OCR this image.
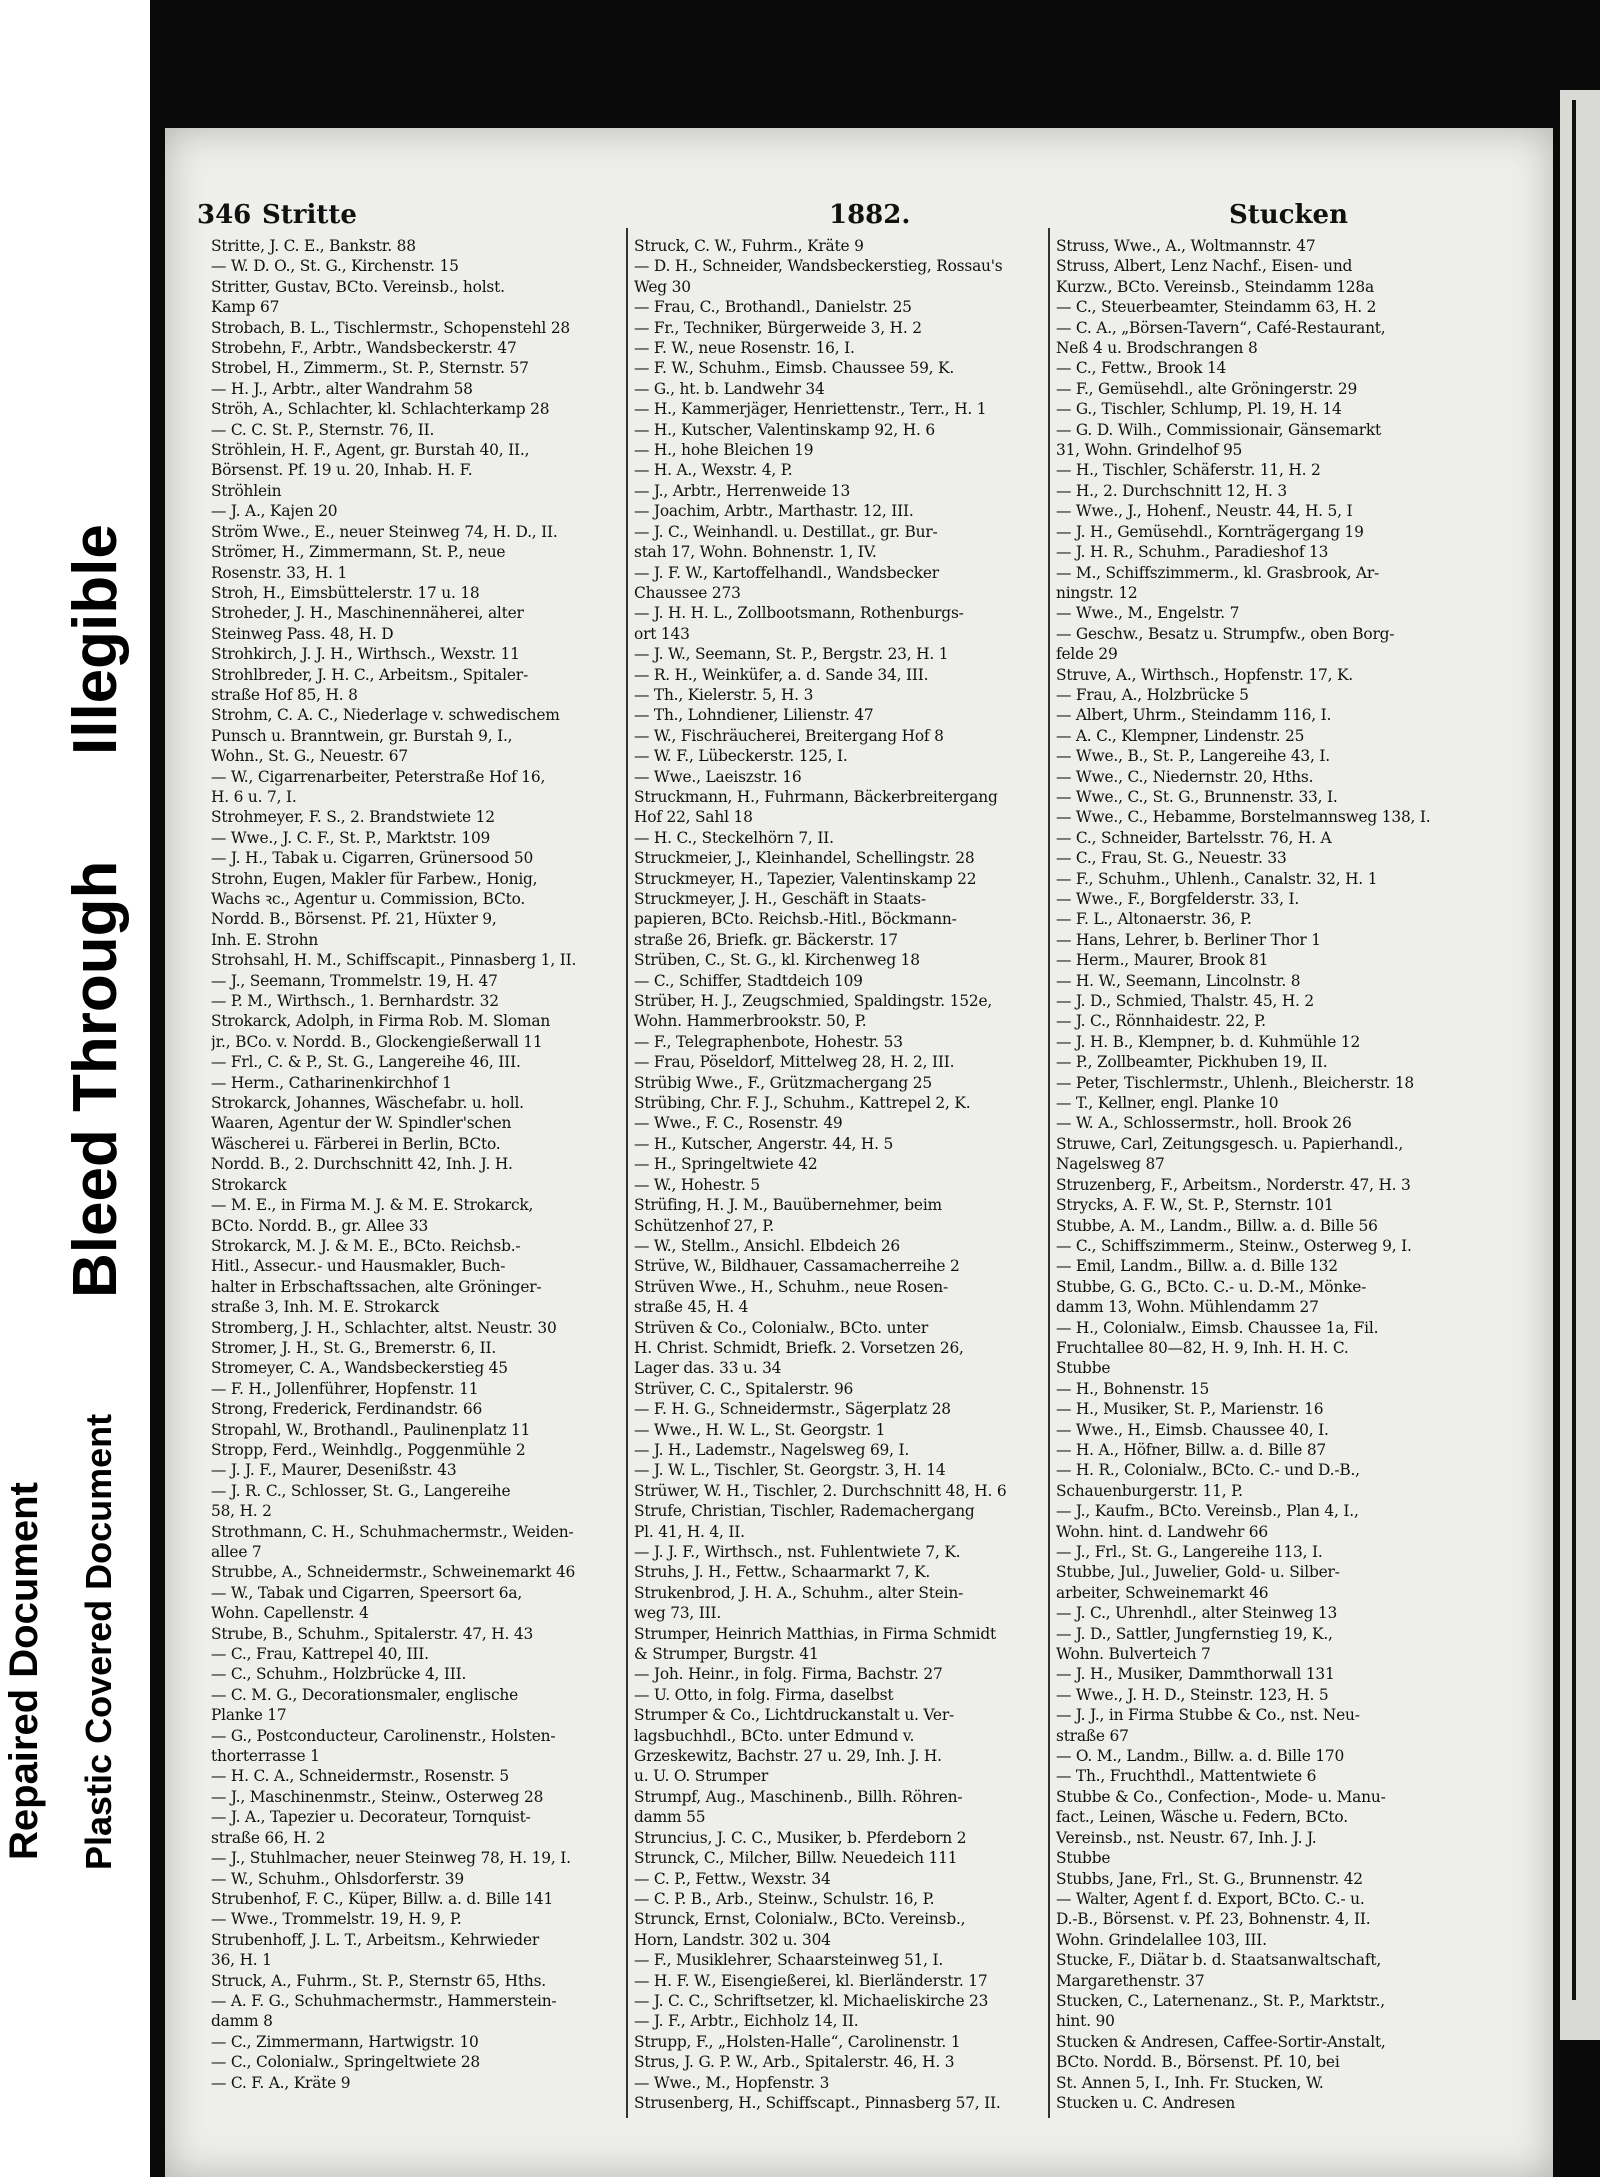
Repaired Document Plastic Covered Document
Bleed Through
Illegible
346 Stritte	1882.	Stucken
Stritte, J. C. E., Bankstr. 88
— W. D. O., St. G., Kirchenstr. 15
Stritter, Gustav, BCto. Vereinsb., holst.
Kamp 67
Strobach, B. L., Tischlermstr., Schopenstehl 28
Strobehn, F., Arbtr., Wandsbeckerstr. 47
Strobel, H., Zimmerm., St. P., Sternstr. 57
— H. J., Arbtr., alter Wandrahm 58
Ströh, A., Schlachter, kl. Schlachterkamp 28
— C. C. St. P., Sternstr. 76, II.
Ströhlein, H. F., Agent, gr. Burstah 40, II.,
Börsenst. Pf. 19 u. 20, Inhab. H. F.
Ströhlein
— J. A., Kajen 20
Ström Wwe., E., neuer Steinweg 74, H. D., II.
Strömer, H., Zimmermann, St. P., neue
Rosenstr. 33, H. 1
Stroh, H., Eimsbüttelerstr. 17 u. 18
Stroheder, J. H., Maschinennäherei, alter
Steinweg Pass. 48, H. D
Strohkirch, J. J. H., Wirthsch., Wexstr. 11
Strohlbreder, J. H. C., Arbeitsm., Spitaler-
straße Hof 85, H. 8
Strohm, C. A. C., Niederlage v. schwedischem
Punsch u. Branntwein, gr. Burstah 9, I.,
Wohn., St. G., Neuestr. 67
— W., Cigarrenarbeiter, Peterstraße Hof 16,
H. 6 u. 7, I.
Strohmeyer, F. S., 2. Brandstwiete 12
— Wwe., J. C. F., St. P., Marktstr. 109
— J. H., Tabak u. Cigarren, Grünersood 50
Strohn, Eugen, Makler für Farbew., Honig,
Wachs ꝛc., Agentur u. Commission, BCto.
Nordd. B., Börsenst. Pf. 21, Hüxter 9,
Inh. E. Strohn
Strohsahl, H. M., Schiffscapit., Pinnasberg 1, II.
— J., Seemann, Trommelstr. 19, H. 47
— P. M., Wirthsch., 1. Bernhardstr. 32
Strokarck, Adolph, in Firma Rob. M. Sloman
jr., BCo. v. Nordd. B., Glockengießerwall 11
— Frl., C. & P., St. G., Langereihe 46, III.
— Herm., Catharinenkirchhof 1
Strokarck, Johannes, Wäschefabr. u. holl.
Waaren, Agentur der W. Spindler'schen
Wäscherei u. Färberei in Berlin, BCto.
Nordd. B., 2. Durchschnitt 42, Inh. J. H.
Strokarck
— M. E., in Firma M. J. & M. E. Strokarck,
BCto. Nordd. B., gr. Allee 33
Strokarck, M. J. & M. E., BCto. Reichsb.-
Hitl., Assecur.- und Hausmakler, Buch-
halter in Erbschaftssachen, alte Gröninger-
straße 3, Inh. M. E. Strokarck
Stromberg, J. H., Schlachter, altst. Neustr. 30
Stromer, J. H., St. G., Bremerstr. 6, II.
Stromeyer, C. A., Wandsbeckerstieg 45
— F. H., Jollenführer, Hopfenstr. 11
Strong, Frederick, Ferdinandstr. 66
Stropahl, W., Brothandl., Paulinenplatz 11
Stropp, Ferd., Weinhdlg., Poggenmühle 2
— J. J. F., Maurer, Desenißstr. 43
— J. R. C., Schlosser, St. G., Langereihe
58, H. 2
Strothmann, C. H., Schuhmachermstr., Weiden-
allee 7
Strubbe, A., Schneidermstr., Schweinemarkt 46
— W., Tabak und Cigarren, Speersort 6a,
Wohn. Capellenstr. 4
Strube, B., Schuhm., Spitalerstr. 47, H. 43
— C., Frau, Kattrepel 40, III.
— C., Schuhm., Holzbrücke 4, III.
— C. M. G., Decorationsmaler, englische
Planke 17
— G., Postconducteur, Carolinenstr., Holsten-
thorterrasse 1
— H. C. A., Schneidermstr., Rosenstr. 5
— J., Maschinenmstr., Steinw., Osterweg 28
— J. A., Tapezier u. Decorateur, Tornquist-
straße 66, H. 2
— J., Stuhlmacher, neuer Steinweg 78, H. 19, I.
— W., Schuhm., Ohlsdorferstr. 39
Strubenhof, F. C., Küper, Billw. a. d. Bille 141
— Wwe., Trommelstr. 19, H. 9, P.
Strubenhoff, J. L. T., Arbeitsm., Kehrwieder
36, H. 1
Struck, A., Fuhrm., St. P., Sternstr 65, Hths.
— A. F. G., Schuhmachermstr., Hammerstein-
damm 8
— C., Zimmermann, Hartwigstr. 10
— C., Colonialw., Springeltwiete 28
— C. F. A., Kräte 9
Struck, C. W., Fuhrm., Kräte 9
— D. H., Schneider, Wandsbeckerstieg, Rossau's
Weg 30
— Frau, C., Brothandl., Danielstr. 25
— Fr., Techniker, Bürgerweide 3, H. 2
— F. W., neue Rosenstr. 16, I.
— F. W., Schuhm., Eimsb. Chaussee 59, K.
— G., ht. b. Landwehr 34
— H., Kammerjäger, Henriettenstr., Terr., H. 1
— H., Kutscher, Valentinskamp 92, H. 6
— H., hohe Bleichen 19
— H. A., Wexstr. 4, P.
— J., Arbtr., Herrenweide 13
— Joachim, Arbtr., Marthastr. 12, III.
— J. C., Weinhandl. u. Destillat., gr. Bur-
stah 17, Wohn. Bohnenstr. 1, IV.
— J. F. W., Kartoffelhandl., Wandsbecker
Chaussee 273
— J. H. H. L., Zollbootsmann, Rothenburgs-
ort 143
— J. W., Seemann, St. P., Bergstr. 23, H. 1
— R. H., Weinküfer, a. d. Sande 34, III.
— Th., Kielerstr. 5, H. 3
— Th., Lohndiener, Lilienstr. 47
— W., Fischräucherei, Breitergang Hof 8
— W. F., Lübeckerstr. 125, I.
— Wwe., Laeiszstr. 16
Struckmann, H., Fuhrmann, Bäckerbreitergang
Hof 22, Sahl 18
— H. C., Steckelhörn 7, II.
Struckmeier, J., Kleinhandel, Schellingstr. 28
Struckmeyer, H., Tapezier, Valentinskamp 22
Struckmeyer, J. H., Geschäft in Staats-
papieren, BCto. Reichsb.-Hitl., Böckmann-
straße 26, Briefk. gr. Bäckerstr. 17
Strüben, C., St. G., kl. Kirchenweg 18
— C., Schiffer, Stadtdeich 109
Strüber, H. J., Zeugschmied, Spaldingstr. 152e,
Wohn. Hammerbrookstr. 50, P.
— F., Telegraphenbote, Hohestr. 53
— Frau, Pöseldorf, Mittelweg 28, H. 2, III.
Strübig Wwe., F., Grützmachergang 25
Strübing, Chr. F. J., Schuhm., Kattrepel 2, K.
— Wwe., F. C., Rosenstr. 49
— H., Kutscher, Angerstr. 44, H. 5
— H., Springeltwiete 42
— W., Hohestr. 5
Strüfing, H. J. M., Bauübernehmer, beim
Schützenhof 27, P.
— W., Stellm., Ansichl. Elbdeich 26
Strüve, W., Bildhauer, Cassamacherreihe 2
Strüven Wwe., H., Schuhm., neue Rosen-
straße 45, H. 4
Strüven & Co., Colonialw., BCto. unter
H. Christ. Schmidt, Briefk. 2. Vorsetzen 26,
Lager das. 33 u. 34
Strüver, C. C., Spitalerstr. 96
— F. H. G., Schneidermstr., Sägerplatz 28
— Wwe., H. W. L., St. Georgstr. 1
— J. H., Lademstr., Nagelsweg 69, I.
— J. W. L., Tischler, St. Georgstr. 3, H. 14
Strüwer, W. H., Tischler, 2. Durchschnitt 48, H. 6
Strufe, Christian, Tischler, Rademachergang
Pl. 41, H. 4, II.
— J. J. F., Wirthsch., nst. Fuhlentwiete 7, K.
Struhs, J. H., Fettw., Schaarmarkt 7, K.
Strukenbrod, J. H. A., Schuhm., alter Stein-
weg 73, III.
Strumper, Heinrich Matthias, in Firma Schmidt
& Strumper, Burgstr. 41
— Joh. Heinr., in folg. Firma, Bachstr. 27
— U. Otto, in folg. Firma, daselbst
Strumper & Co., Lichtdruckanstalt u. Ver-
lagsbuchhdl., BCto. unter Edmund v.
Grzeskewitz, Bachstr. 27 u. 29, Inh. J. H.
u. U. O. Strumper
Strumpf, Aug., Maschinenb., Billh. Röhren-
damm 55
Struncius, J. C. C., Musiker, b. Pferdeborn 2
Strunck, C., Milcher, Billw. Neuedeich 111
— C. P., Fettw., Wexstr. 34
— C. P. B., Arb., Steinw., Schulstr. 16, P.
Strunck, Ernst, Colonialw., BCto. Vereinsb.,
Horn, Landstr. 302 u. 304
— F., Musiklehrer, Schaarsteinweg 51, I.
— H. F. W., Eisengießerei, kl. Bierländerstr. 17
— J. C. C., Schriftsetzer, kl. Michaeliskirche 23
— J. F., Arbtr., Eichholz 14, II.
Strupp, F., „Holsten-Halle“, Carolinenstr. 1
Strus, J. G. P. W., Arb., Spitalerstr. 46, H. 3
— Wwe., M., Hopfenstr. 3
Strusenberg, H., Schiffscapt., Pinnasberg 57, II.
Struss, Wwe., A., Woltmannstr. 47
Struss, Albert, Lenz Nachf., Eisen- und
Kurzw., BCto. Vereinsb., Steindamm 128a
— C., Steuerbeamter, Steindamm 63, H. 2
— C. A., „Börsen-Tavern“, Café-Restaurant,
Neß 4 u. Brodschrangen 8
— C., Fettw., Brook 14
— F., Gemüsehdl., alte Gröningerstr. 29
— G., Tischler, Schlump, Pl. 19, H. 14
— G. D. Wilh., Commissionair, Gänsemarkt
31, Wohn. Grindelhof 95
— H., Tischler, Schäferstr. 11, H. 2
— H., 2. Durchschnitt 12, H. 3
— Wwe., J., Hohenf., Neustr. 44, H. 5, I
— J. H., Gemüsehdl., Kornträgergang 19
— J. H. R., Schuhm., Paradieshof 13
— M., Schiffszimmerm., kl. Grasbrook, Ar-
ningstr. 12
— Wwe., M., Engelstr. 7
— Geschw., Besatz u. Strumpfw., oben Borg-
felde 29
Struve, A., Wirthsch., Hopfenstr. 17, K.
— Frau, A., Holzbrücke 5
— Albert, Uhrm., Steindamm 116, I.
— A. C., Klempner, Lindenstr. 25
— Wwe., B., St. P., Langereihe 43, I.
— Wwe., C., Niedernstr. 20, Hths.
— Wwe., C., St. G., Brunnenstr. 33, I.
— Wwe., C., Hebamme, Borstelmannsweg 138, I.
— C., Schneider, Bartelsstr. 76, H. A
— C., Frau, St. G., Neuestr. 33
— F., Schuhm., Uhlenh., Canalstr. 32, H. 1
— Wwe., F., Borgfelderstr. 33, I.
— F. L., Altonaerstr. 36, P.
— Hans, Lehrer, b. Berliner Thor 1
— Herm., Maurer, Brook 81
— H. W., Seemann, Lincolnstr. 8
— J. D., Schmied, Thalstr. 45, H. 2
— J. C., Rönnhaidestr. 22, P.
— J. H. B., Klempner, b. d. Kuhmühle 12
— P., Zollbeamter, Pickhuben 19, II.
— Peter, Tischlermstr., Uhlenh., Bleicherstr. 18
— T., Kellner, engl. Planke 10
— W. A., Schlossermstr., holl. Brook 26
Struwe, Carl, Zeitungsgesch. u. Papierhandl.,
Nagelsweg 87
Struzenberg, F., Arbeitsm., Norderstr. 47, H. 3
Strycks, A. F. W., St. P., Sternstr. 101
Stubbe, A. M., Landm., Billw. a. d. Bille 56
— C., Schiffszimmerm., Steinw., Osterweg 9, I.
— Emil, Landm., Billw. a. d. Bille 132
Stubbe, G. G., BCto. C.- u. D.-M., Mönke-
damm 13, Wohn. Mühlendamm 27
— H., Colonialw., Eimsb. Chaussee 1a, Fil.
Fruchtallee 80—82, H. 9, Inh. H. H. C.
Stubbe
— H., Bohnenstr. 15
— H., Musiker, St. P., Marienstr. 16
— Wwe., H., Eimsb. Chaussee 40, I.
— H. A., Höfner, Billw. a. d. Bille 87
— H. R., Colonialw., BCto. C.- und D.-B.,
Schauenburgerstr. 11, P.
— J., Kaufm., BCto. Vereinsb., Plan 4, I.,
Wohn. hint. d. Landwehr 66
— J., Frl., St. G., Langereihe 113, I.
Stubbe, Jul., Juwelier, Gold- u. Silber-
arbeiter, Schweinemarkt 46
— J. C., Uhrenhdl., alter Steinweg 13
— J. D., Sattler, Jungfernstieg 19, K.,
Wohn. Bulverteich 7
— J. H., Musiker, Dammthorwall 131
— Wwe., J. H. D., Steinstr. 123, H. 5
— J. J., in Firma Stubbe & Co., nst. Neu-
straße 67
— O. M., Landm., Billw. a. d. Bille 170
— Th., Fruchthdl., Mattentwiete 6
Stubbe & Co., Confection-, Mode- u. Manu-
fact., Leinen, Wäsche u. Federn, BCto.
Vereinsb., nst. Neustr. 67, Inh. J. J.
Stubbe
Stubbs, Jane, Frl., St. G., Brunnenstr. 42
— Walter, Agent f. d. Export, BCto. C.- u.
D.-B., Börsenst. v. Pf. 23, Bohnenstr. 4, II.
Wohn. Grindelallee 103, III.
Stucke, F., Diätar b. d. Staatsanwaltschaft,
Margarethenstr. 37
Stucken, C., Laternenanz., St. P., Marktstr.,
hint. 90
Stucken & Andresen, Caffee-Sortir-Anstalt,
BCto. Nordd. B., Börsenst. Pf. 10, bei
St. Annen 5, I., Inh. Fr. Stucken, W.
Stucken u. C. Andresen
